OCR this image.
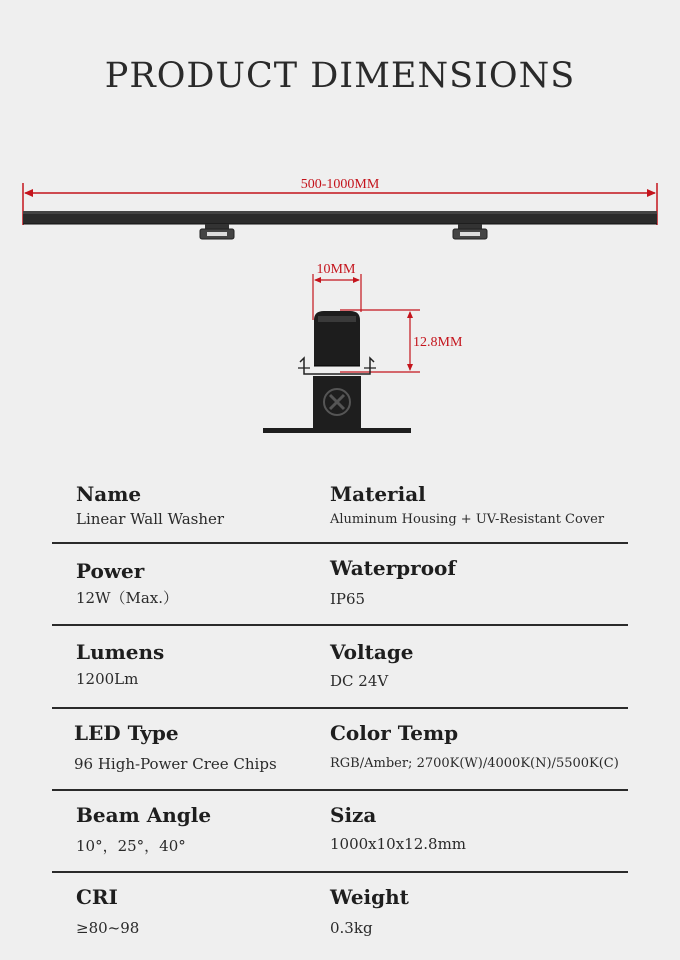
PRODUCT DIMENSIONS
500-1000MM
10MM
12.8MM
Name
Linear Wall Washer
Material
Aluminum Housing + UV-Resistant Cover
Power
12W（Max.）
Waterproof
IP65
Lumens
1200Lm
Voltage
DC 24V
LED Type
96 High-Power Cree Chips
Color Temp
RGB/Amber; 2700K(W)/4000K(N)/5500K(C)
Beam Angle
10°，25°，40°
Siza
1000x10x12.8mm
CRI
≥80~98
Weight
0.3kg
